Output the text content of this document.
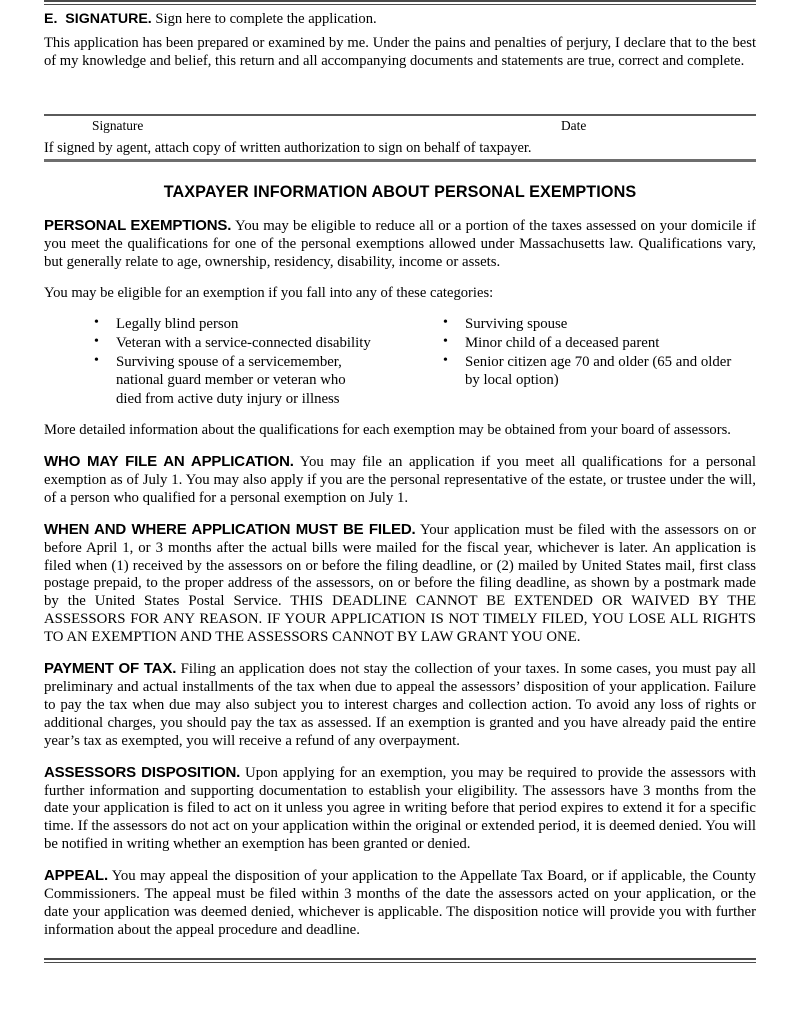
E. SIGNATURE. Sign here to complete the application.

This application has been prepared or examined by me. Under the pains and penalties of perjury, I declare that to the best of my knowledge and belief, this return and all accompanying documents and statements are true, correct and complete.

Signature	Date

If signed by agent, attach copy of written authorization to sign on behalf of taxpayer.

TAXPAYER INFORMATION ABOUT PERSONAL EXEMPTIONS

PERSONAL EXEMPTIONS. You may be eligible to reduce all or a portion of the taxes assessed on your domicile if you meet the qualifications for one of the personal exemptions allowed under Massachusetts law. Qualifications vary, but generally relate to age, ownership, residency, disability, income or assets.

You may be eligible for an exemption if you fall into any of these categories:

• Legally blind person
• Veteran with a service-connected disability
• Surviving spouse of a servicemember,
national guard member or veteran who
died from active duty injury or illness
• Surviving spouse
• Minor child of a deceased parent
• Senior citizen age 70 and older (65 and older
by local option)

More detailed information about the qualifications for each exemption may be obtained from your board of assessors.

WHO MAY FILE AN APPLICATION. You may file an application if you meet all qualifications for a personal exemption as of July 1. You may also apply if you are the personal representative of the estate, or trustee under the will, of a person who qualified for a personal exemption on July 1.

WHEN AND WHERE APPLICATION MUST BE FILED. Your application must be filed with the assessors on or before April 1, or 3 months after the actual bills were mailed for the fiscal year, whichever is later. An application is filed when (1) received by the assessors on or before the filing deadline, or (2) mailed by United States mail, first class postage prepaid, to the proper address of the assessors, on or before the filing deadline, as shown by a postmark made by the United States Postal Service. THIS DEADLINE CANNOT BE EXTENDED OR WAIVED BY THE ASSESSORS FOR ANY REASON. IF YOUR APPLICATION IS NOT TIMELY FILED, YOU LOSE ALL RIGHTS TO AN EXEMPTION AND THE ASSESSORS CANNOT BY LAW GRANT YOU ONE.

PAYMENT OF TAX. Filing an application does not stay the collection of your taxes. In some cases, you must pay all preliminary and actual installments of the tax when due to appeal the assessors’ disposition of your application. Failure to pay the tax when due may also subject you to interest charges and collection action. To avoid any loss of rights or additional charges, you should pay the tax as assessed. If an exemption is granted and you have already paid the entire year’s tax as exempted, you will receive a refund of any overpayment.

ASSESSORS DISPOSITION. Upon applying for an exemption, you may be required to provide the assessors with further information and supporting documentation to establish your eligibility. The assessors have 3 months from the date your application is filed to act on it unless you agree in writing before that period expires to extend it for a specific time. If the assessors do not act on your application within the original or extended period, it is deemed denied. You will be notified in writing whether an exemption has been granted or denied.

APPEAL. You may appeal the disposition of your application to the Appellate Tax Board, or if applicable, the County Commissioners. The appeal must be filed within 3 months of the date the assessors acted on your application, or the date your application was deemed denied, whichever is applicable. The disposition notice will provide you with further information about the appeal procedure and deadline.
